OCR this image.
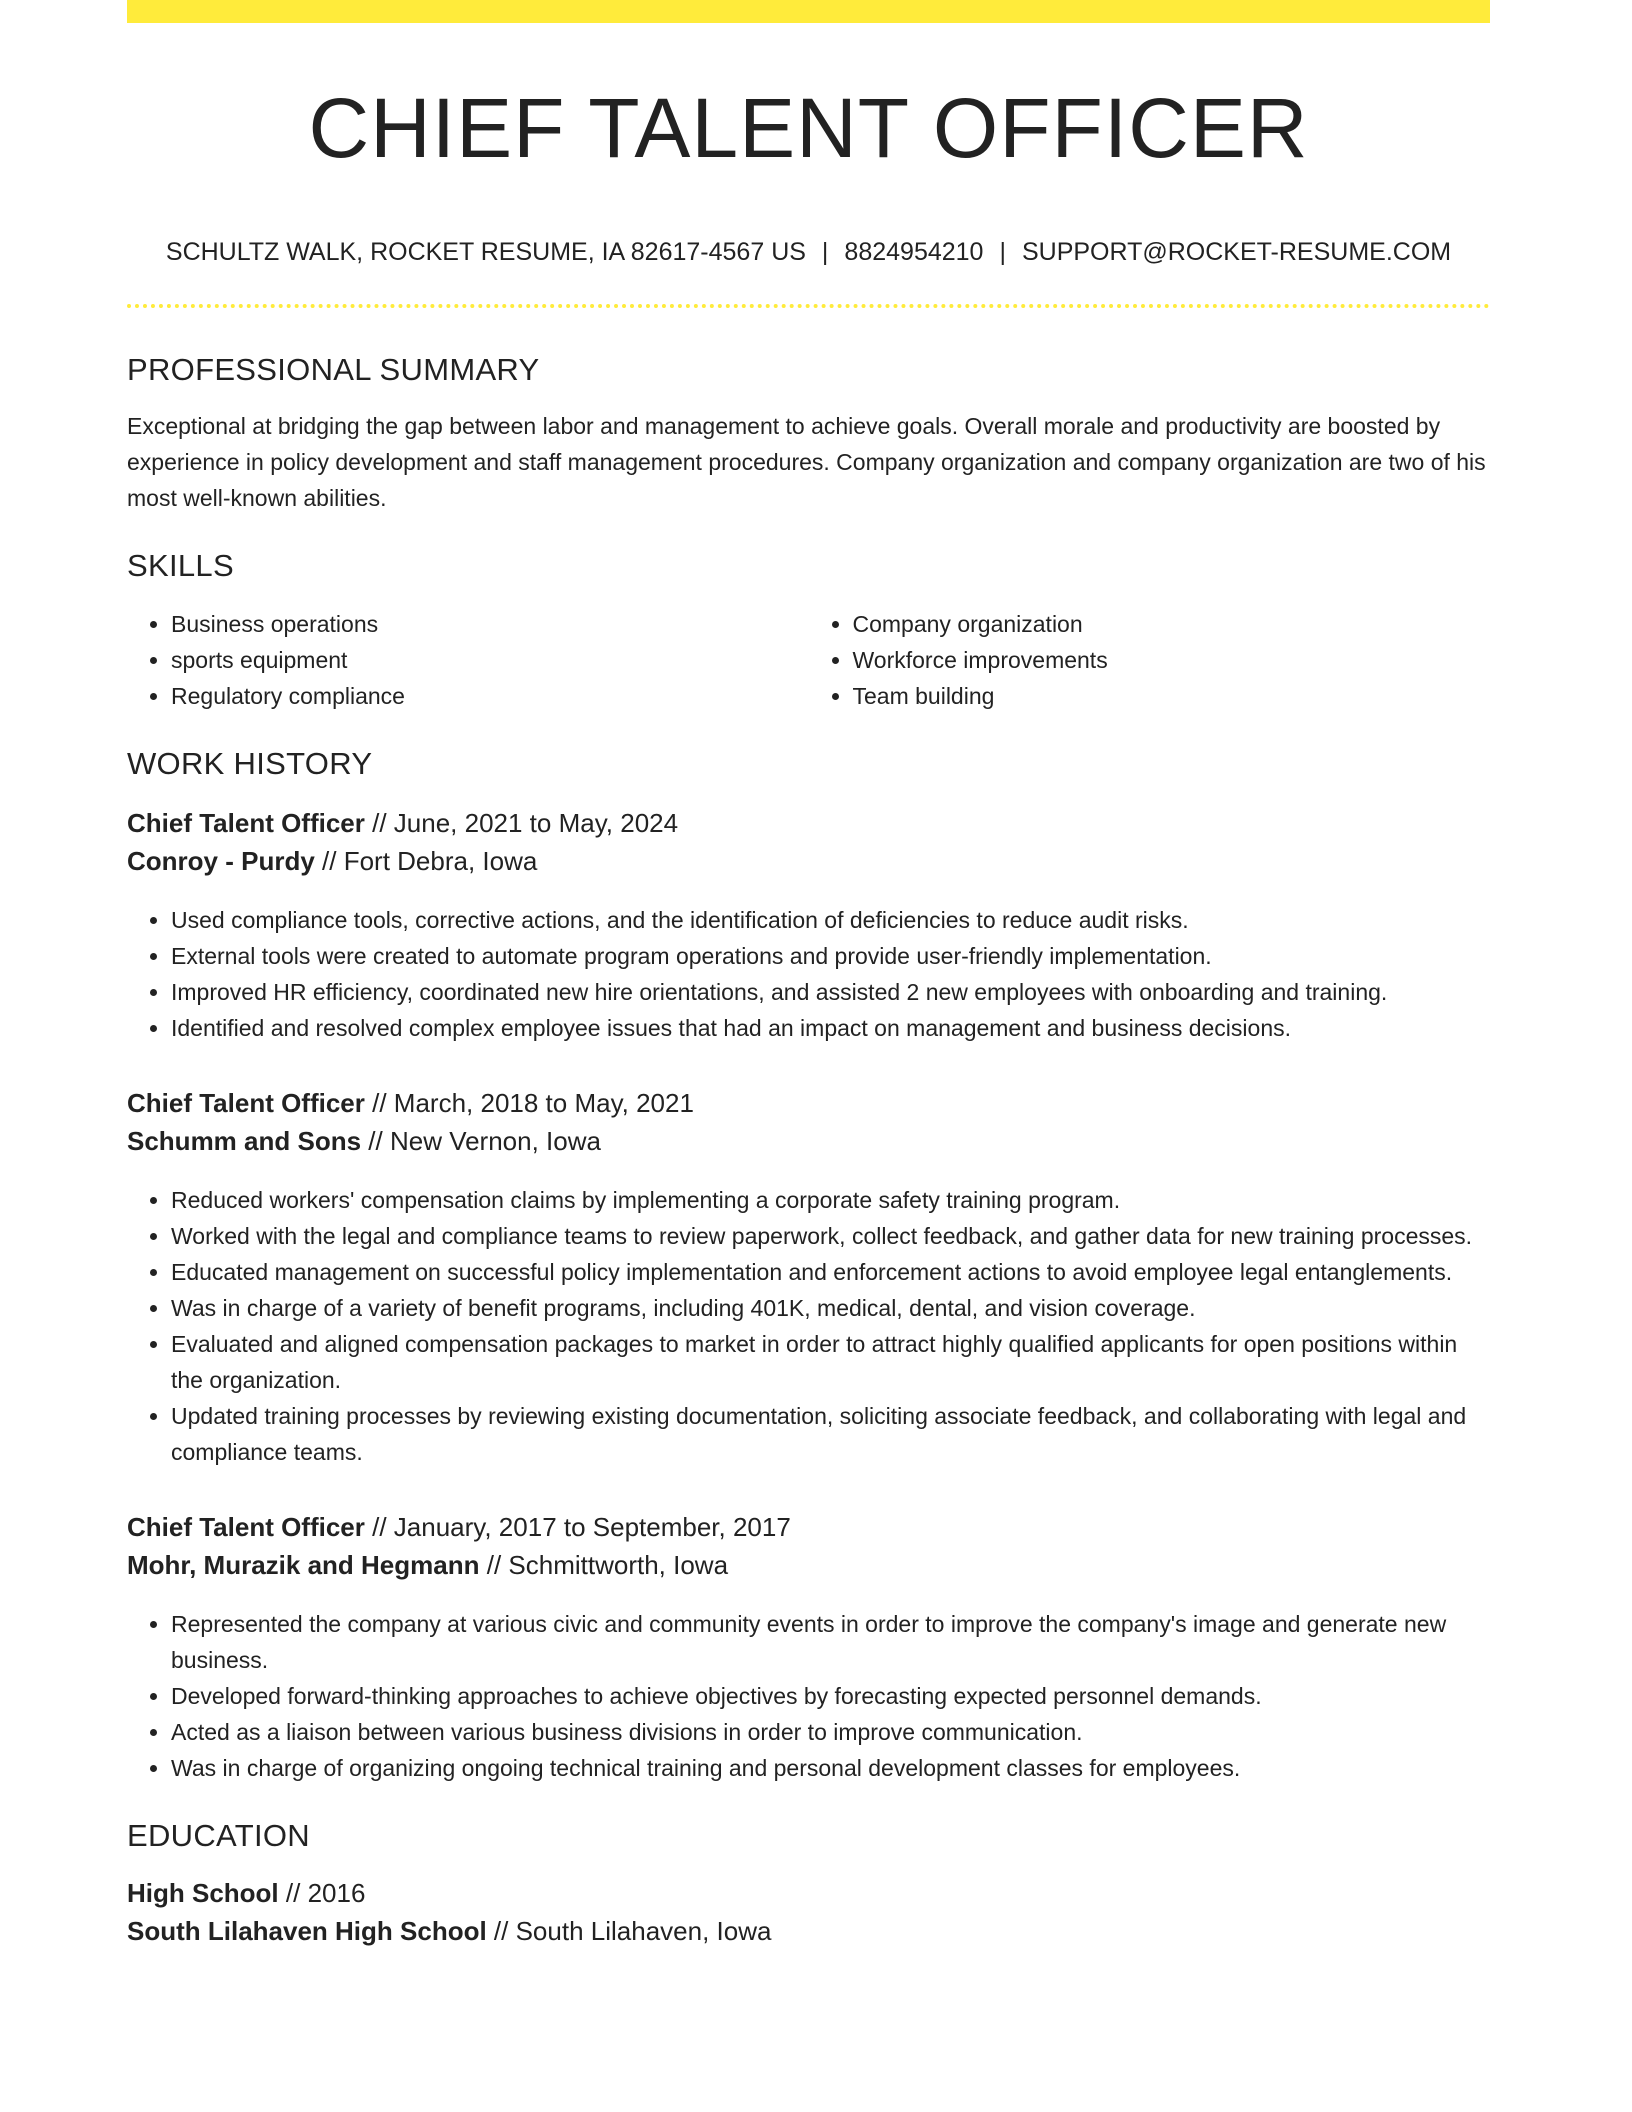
CHIEF TALENT OFFICER
SCHULTZ WALK, ROCKET RESUME, IA 82617-4567 US | 8824954210 | SUPPORT@ROCKET-RESUME.COM
PROFESSIONAL SUMMARY

Exceptional at bridging the gap between labor and management to achieve goals. Overall morale and productivity are boosted by experience in policy development and staff management procedures. Company organization and company organization are two of his most well-known abilities.

SKILLS
• Business operations
• sports equipment
• Regulatory compliance
• Company organization
• Workforce improvements
• Team building
WORK HISTORY
Chief Talent Officer // June, 2021 to May, 2024
Conroy - Purdy // Fort Debra, Iowa
• Used compliance tools, corrective actions, and the identification of deficiencies to reduce audit risks.
• External tools were created to automate program operations and provide user-friendly implementation.
• Improved HR efficiency, coordinated new hire orientations, and assisted 2 new employees with onboarding and training.
• Identified and resolved complex employee issues that had an impact on management and business decisions.
Chief Talent Officer // March, 2018 to May, 2021
Schumm and Sons // New Vernon, Iowa
• Reduced workers' compensation claims by implementing a corporate safety training program.
• Worked with the legal and compliance teams to review paperwork, collect feedback, and gather data for new training processes.
• Educated management on successful policy implementation and enforcement actions to avoid employee legal entanglements.
• Was in charge of a variety of benefit programs, including 401K, medical, dental, and vision coverage.
• Evaluated and aligned compensation packages to market in order to attract highly qualified applicants for open positions within the organization.
• Updated training processes by reviewing existing documentation, soliciting associate feedback, and collaborating with legal and compliance teams.
Chief Talent Officer // January, 2017 to September, 2017
Mohr, Murazik and Hegmann // Schmittworth, Iowa
• Represented the company at various civic and community events in order to improve the company's image and generate new business.
• Developed forward-thinking approaches to achieve objectives by forecasting expected personnel demands.
• Acted as a liaison between various business divisions in order to improve communication.
• Was in charge of organizing ongoing technical training and personal development classes for employees.
EDUCATION
High School // 2016
South Lilahaven High School // South Lilahaven, Iowa
